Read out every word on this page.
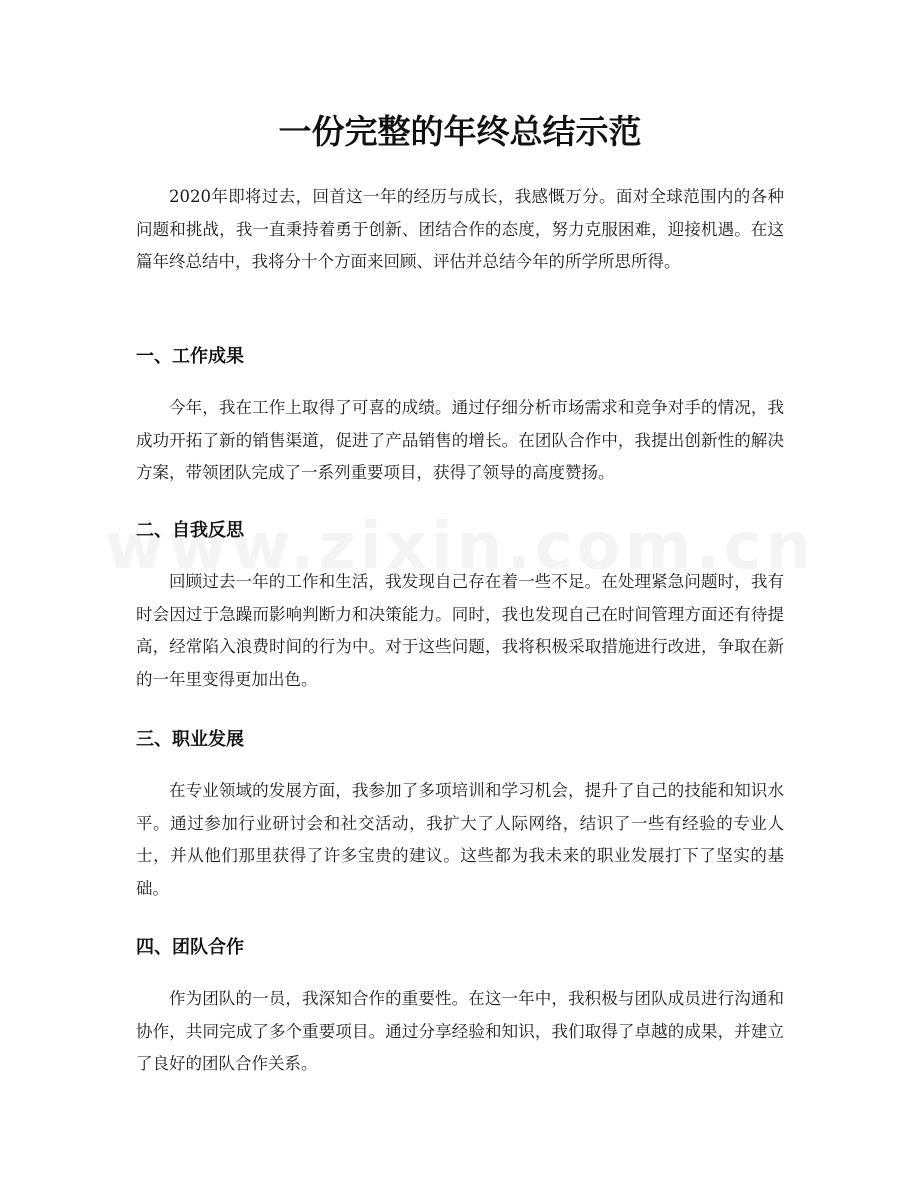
一份完整的年终总结示范

2020年即将过去，回首这一年的经历与成长，我感慨万分。面对全球范围内的各种问题和挑战，我一直秉持着勇于创新、团结合作的态度，努力克服困难，迎接机遇。在这篇年终总结中，我将分十个方面来回顾、评估并总结今年的所学所思所得。

一、工作成果

今年，我在工作上取得了可喜的成绩。通过仔细分析市场需求和竞争对手的情况，我成功开拓了新的销售渠道，促进了产品销售的增长。在团队合作中，我提出创新性的解决方案，带领团队完成了一系列重要项目，获得了领导的高度赞扬。

二、自我反思

回顾过去一年的工作和生活，我发现自己存在着一些不足。在处理紧急问题时，我有时会因过于急躁而影响判断力和决策能力。同时，我也发现自己在时间管理方面还有待提高，经常陷入浪费时间的行为中。对于这些问题，我将积极采取措施进行改进，争取在新的一年里变得更加出色。

三、职业发展

在专业领域的发展方面，我参加了多项培训和学习机会，提升了自己的技能和知识水平。通过参加行业研讨会和社交活动，我扩大了人际网络，结识了一些有经验的专业人士，并从他们那里获得了许多宝贵的建议。这些都为我未来的职业发展打下了坚实的基础。

四、团队合作

作为团队的一员，我深知合作的重要性。在这一年中，我积极与团队成员进行沟通和协作，共同完成了多个重要项目。通过分享经验和知识，我们取得了卓越的成果，并建立了良好的团队合作关系。
